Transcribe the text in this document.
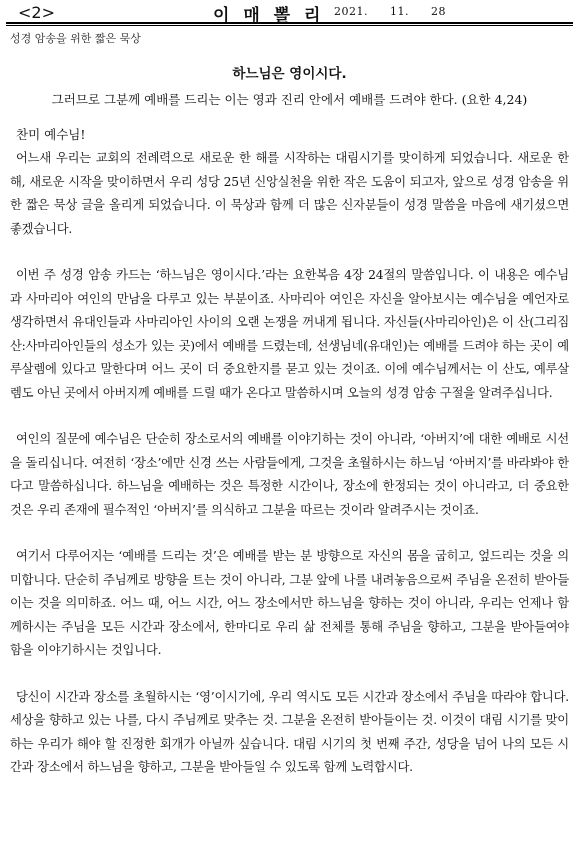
<2>	이 매 뽈 리 2021. 11. 28
성경 암송을 위한 짧은 묵상
하느님은 영이시다.
그러므로 그분께 예배를 드리는 이는 영과 진리 안에서 예배를 드려야 한다. (요한 4,24)
찬미 예수님!

어느새 우리는 교회의 전례력으로 새로운 한 해를 시작하는 대림시기를 맞이하게 되었습니다. 새로운 한 해, 새로운 시작을 맞이하면서 우리 성당 25년 신앙실천을 위한 작은 도움이 되고자, 앞으로 성경 암송을 위한 짧은 묵상 글을 올리게 되었습니다. 이 묵상과 함께 더 많은 신자분들이 성경 말씀을 마음에 새기셨으면 좋겠습니다.

이번 주 성경 암송 카드는 ‘하느님은 영이시다.’라는 요한복음 4장 24절의 말씀입니다. 이 내용은 예수님과 사마리아 여인의 만남을 다루고 있는 부분이죠. 사마리아 여인은 자신을 알아보시는 예수님을 예언자로 생각하면서 유대인들과 사마리아인 사이의 오랜 논쟁을 꺼내게 됩니다. 자신들(사마리아인)은 이 산(그리짐 산:사마리아인들의 성소가 있는 곳)에서 예배를 드렸는데, 선생님네(유대인)는 예배를 드려야 하는 곳이 예루살렘에 있다고 말한다며 어느 곳이 더 중요한지를 묻고 있는 것이죠. 이에 예수님께서는 이 산도, 예루살렘도 아닌 곳에서 아버지께 예배를 드릴 때가 온다고 말씀하시며 오늘의 성경 암송 구절을 알려주십니다.

여인의 질문에 예수님은 단순히 장소로서의 예배를 이야기하는 것이 아니라, ‘아버지’에 대한 예배로 시선을 돌리십니다. 여전히 ‘장소’에만 신경 쓰는 사람들에게, 그것을 초월하시는 하느님 ‘아버지’를 바라봐야 한다고 말씀하십니다. 하느님을 예배하는 것은 특정한 시간이나, 장소에 한정되는 것이 아니라고, 더 중요한 것은 우리 존재에 필수적인 ‘아버지’를 의식하고 그분을 따르는 것이라 알려주시는 것이죠.

여기서 다루어지는 ‘예배를 드리는 것’은 예배를 받는 분 방향으로 자신의 몸을 굽히고, 엎드리는 것을 의미합니다. 단순히 주님께로 방향을 트는 것이 아니라, 그분 앞에 나를 내려놓음으로써 주님을 온전히 받아들이는 것을 의미하죠. 어느 때, 어느 시간, 어느 장소에서만 하느님을 향하는 것이 아니라, 우리는 언제나 함께하시는 주님을 모든 시간과 장소에서, 한마디로 우리 삶 전체를 통해 주님을 향하고, 그분을 받아들여야 함을 이야기하시는 것입니다.

당신이 시간과 장소를 초월하시는 ‘영’이시기에, 우리 역시도 모든 시간과 장소에서 주님을 따라야 합니다. 세상을 향하고 있는 나를, 다시 주님께로 맞추는 것. 그분을 온전히 받아들이는 것. 이것이 대림 시기를 맞이하는 우리가 해야 할 진정한 회개가 아닐까 싶습니다. 대림 시기의 첫 번째 주간, 성당을 넘어 나의 모든 시간과 장소에서 하느님을 향하고, 그분을 받아들일 수 있도록 함께 노력합시다.
